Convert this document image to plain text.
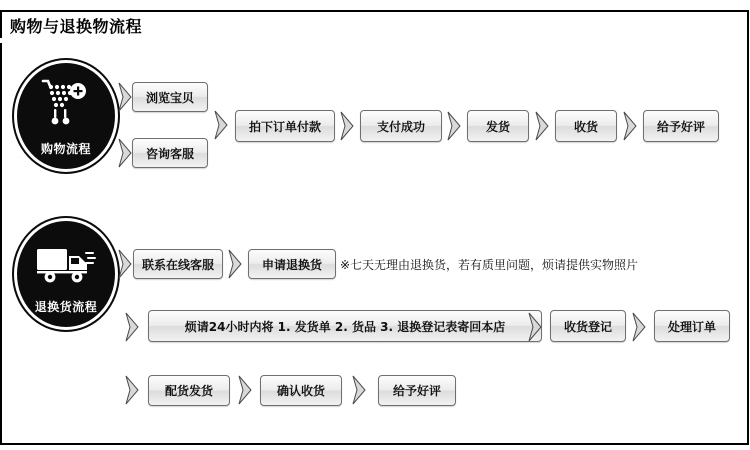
购物与退换物流程
购物流程
退换货流程
浏览宝贝
咨询客服
拍下订单付款	支付成功	发货	收货	给予好评
联系在线客服	申请退换货	※七天无理由退换货，若有质里问题，烦请提供实物照片
烦请24小时内将 1. 发货单 2. 货品 3. 退换登记表寄回本店	收货登记	处理订单
配货发货	确认收货	给予好评
